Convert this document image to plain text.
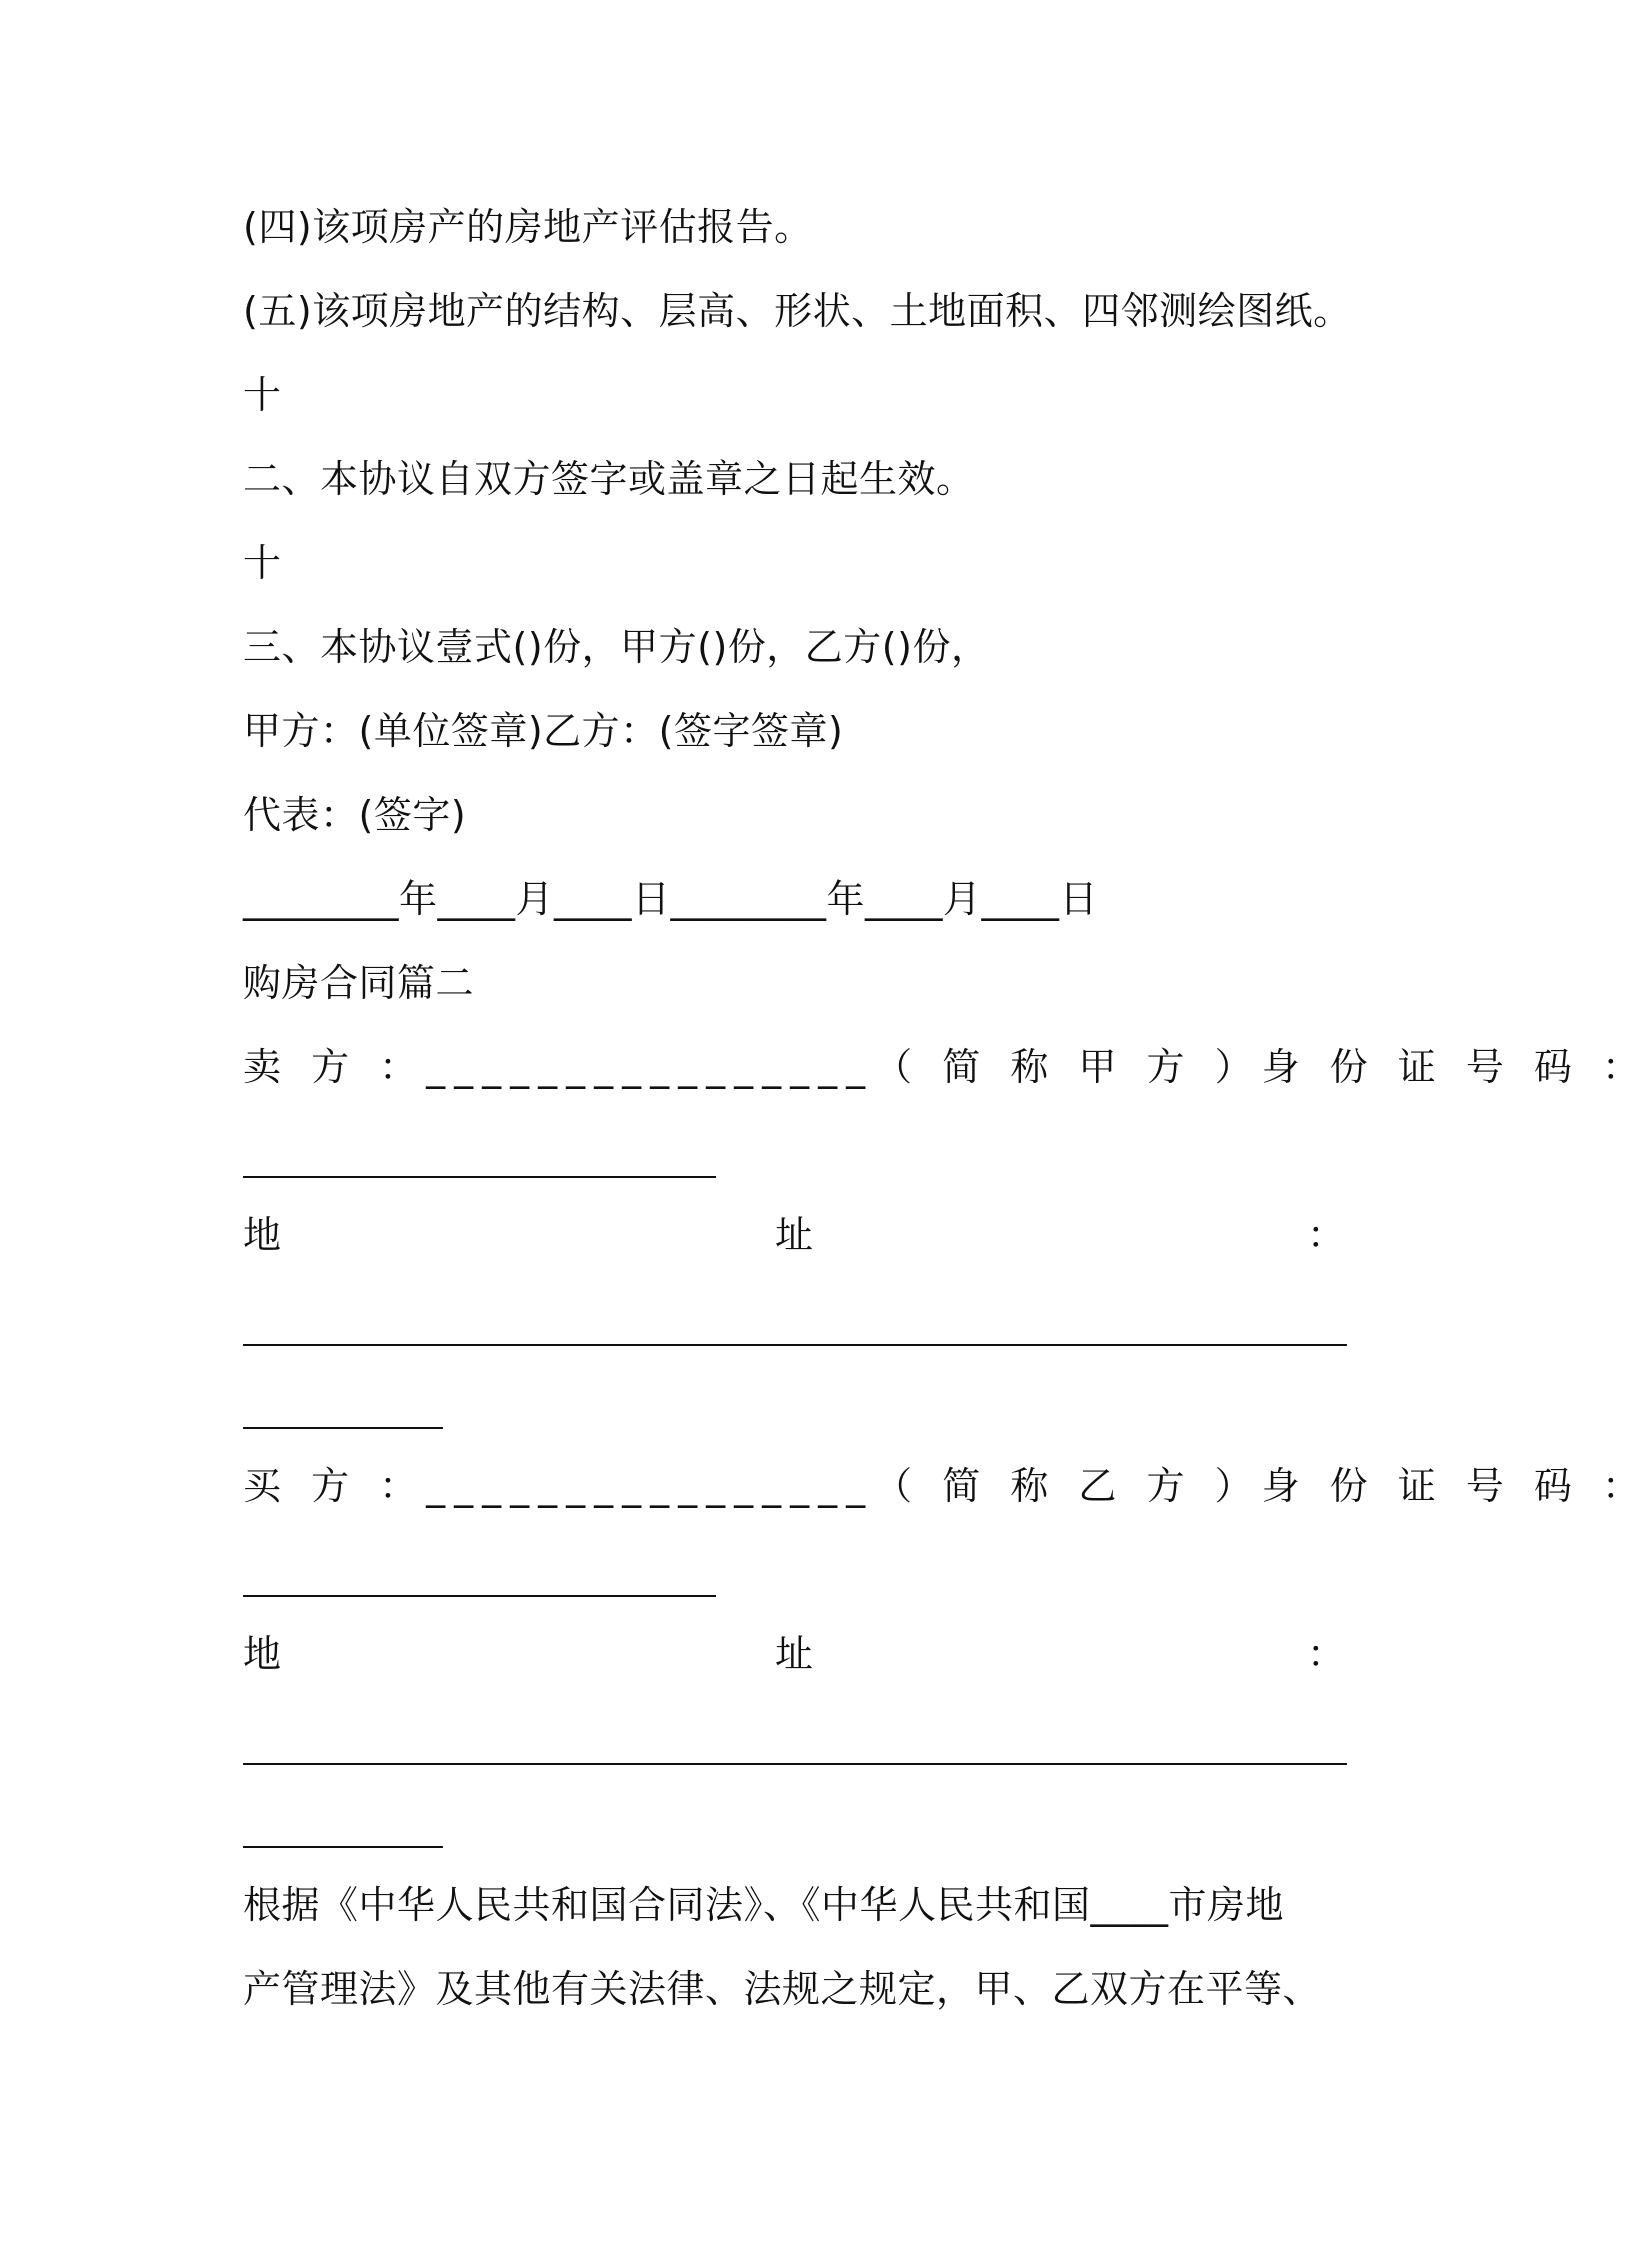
(四)该项房产的房地产评估报告。
(五)该项房地产的结构、层高、形状、土地面积、四邻测绘图纸。
十
二、本协议自双方签字或盖章之日起生效。
十
三、本协议壹式()份，甲方()份，乙方()份，
甲方：(单位签章)乙方：(签字签章)
代表：(签字)
________年____月____日________年____月____日
购房合同篇二
卖 方 ： ________________ （ 简 称 甲 方 ） 身 份 证 号 码 ：
地	址	：
买 方 ： ________________ （ 简 称 乙 方 ） 身 份 证 号 码 ：
地	址	：
根据《中华人民共和国合同法》、《中华人民共和国____市房地
产管理法》及其他有关法律、法规之规定，甲、乙双方在平等、
